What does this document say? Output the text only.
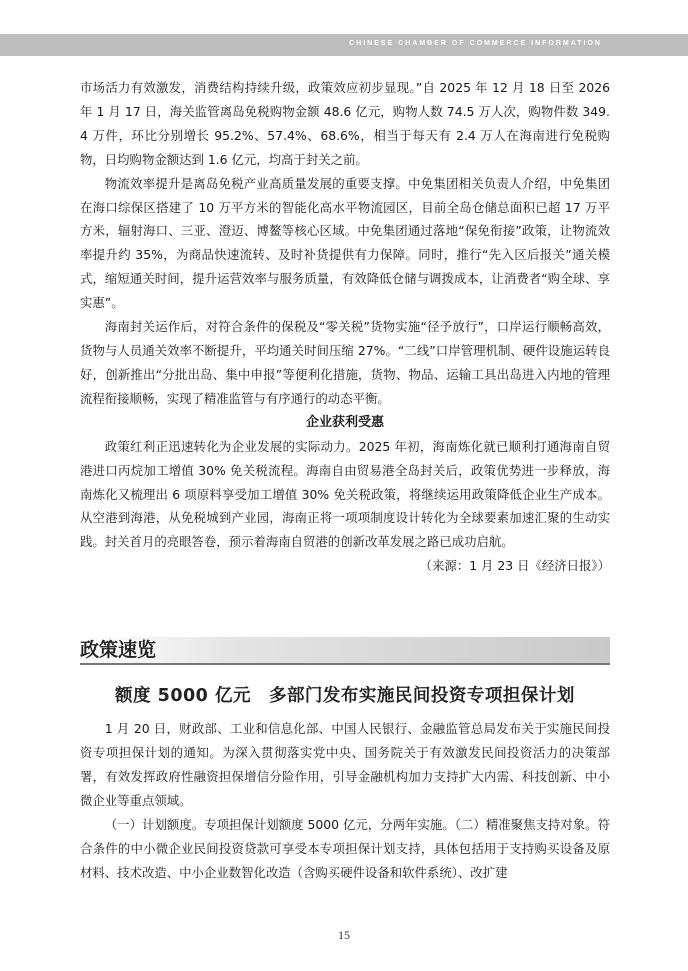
CHINESE CHAMBER OF COMMERCE INFORMATION

市场活力有效激发，消费结构持续升级，政策效应初步显现。”自 2025 年 12 月 18 日至 2026 年 1 月 17 日，海关监管离岛免税购物金额 48.6 亿元，购物人数 74.5 万人次，购物件数 349.4 万件，环比分别增长 95.2%、57.4%、68.6%，相当于每天有 2.4 万人在海南进行免税购物，日均购物金额达到 1.6 亿元，均高于封关之前。

物流效率提升是离岛免税产业高质量发展的重要支撑。中免集团相关负责人介绍，中免集团在海口综保区搭建了 10 万平方米的智能化高水平物流园区，目前全岛仓储总面积已超 17 万平方米，辐射海口、三亚、澄迈、博鳌等核心区域。中免集团通过落地“保免衔接”政策，让物流效率提升约 35%，为商品快速流转、及时补货提供有力保障。同时，推行“先入区后报关”通关模式，缩短通关时间，提升运营效率与服务质量，有效降低仓储与调拨成本，让消费者“购全球、享实惠”。

海南封关运作后，对符合条件的保税及“零关税”货物实施“径予放行”，口岸运行顺畅高效，货物与人员通关效率不断提升，平均通关时间压缩 27%。“二线”口岸管理机制、硬件设施运转良好，创新推出“分批出岛、集中申报”等便利化措施，货物、物品、运输工具出岛进入内地的管理流程衔接顺畅，实现了精准监管与有序通行的动态平衡。

企业获利受惠

政策红利正迅速转化为企业发展的实际动力。2025 年初，海南炼化就已顺利打通海南自贸港进口丙烷加工增值 30% 免关税流程。海南自由贸易港全岛封关后，政策优势进一步释放，海南炼化又梳理出 6 项原料享受加工增值 30% 免关税政策，将继续运用政策降低企业生产成本。从空港到海港，从免税城到产业园，海南正将一项项制度设计转化为全球要素加速汇聚的生动实践。封关首月的亮眼答卷，预示着海南自贸港的创新改革发展之路已成功启航。

（来源：1 月 23 日《经济日报》）

政策速览
额度 5000 亿元　多部门发布实施民间投资专项担保计划

1 月 20 日，财政部、工业和信息化部、中国人民银行、金融监管总局发布关于实施民间投资专项担保计划的通知。为深入贯彻落实党中央、国务院关于有效激发民间投资活力的决策部署，有效发挥政府性融资担保增信分险作用，引导金融机构加力支持扩大内需、科技创新、中小微企业等重点领域。

（一）计划额度。专项担保计划额度 5000 亿元，分两年实施。（二）精准聚焦支持对象。符合条件的中小微企业民间投资贷款可享受本专项担保计划支持，具体包括用于支持购买设备及原材料、技术改造、中小企业数智化改造（含购买硬件设备和软件系统）、改扩建

15
